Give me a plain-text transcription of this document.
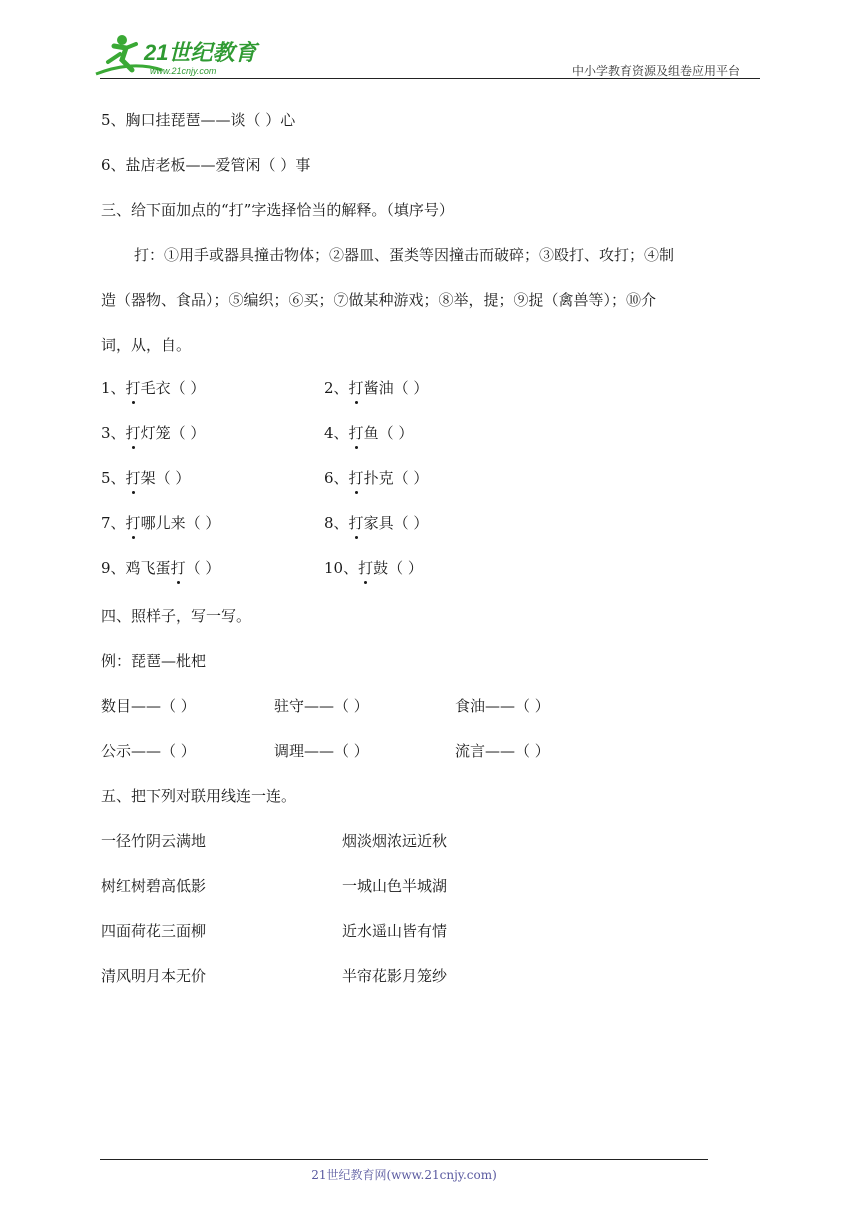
21世纪教育
www.21cnjy.com	中小学教育资源及组卷应用平台
5、胸口挂琵琶——谈（ ）心
6、盐店老板——爱管闲（ ）事
三、给下面加点的“打”字选择恰当的解释。（填序号）
打：①用手或器具撞击物体；②器皿、蛋类等因撞击而破碎；③殴打、攻打；④制
造（器物、食品）；⑤编织；⑥买；⑦做某种游戏；⑧举，提；⑨捉（禽兽等）；⑩介
词，从，自。
1、打毛衣（ ）	2、打酱油（ ）
3、打灯笼（ ）	4、打鱼（ ）
5、打架（ ）	6、打扑克（ ）
7、打哪儿来（ ）	8、打家具（ ）
9、鸡飞蛋打（ ）	10、打鼓（ ）
四、照样子，写一写。
例：琵琶—枇杷
数目——（ ）	驻守——（ ）	食油——（ ）
公示——（ ）	调理——（ ）	流言——（ ）
五、把下列对联用线连一连。
一径竹阴云满地	烟淡烟浓远近秋
树红树碧高低影	一城山色半城湖
四面荷花三面柳	近水遥山皆有情
清风明月本无价	半帘花影月笼纱
21世纪教育网(www.21cnjy.com)
